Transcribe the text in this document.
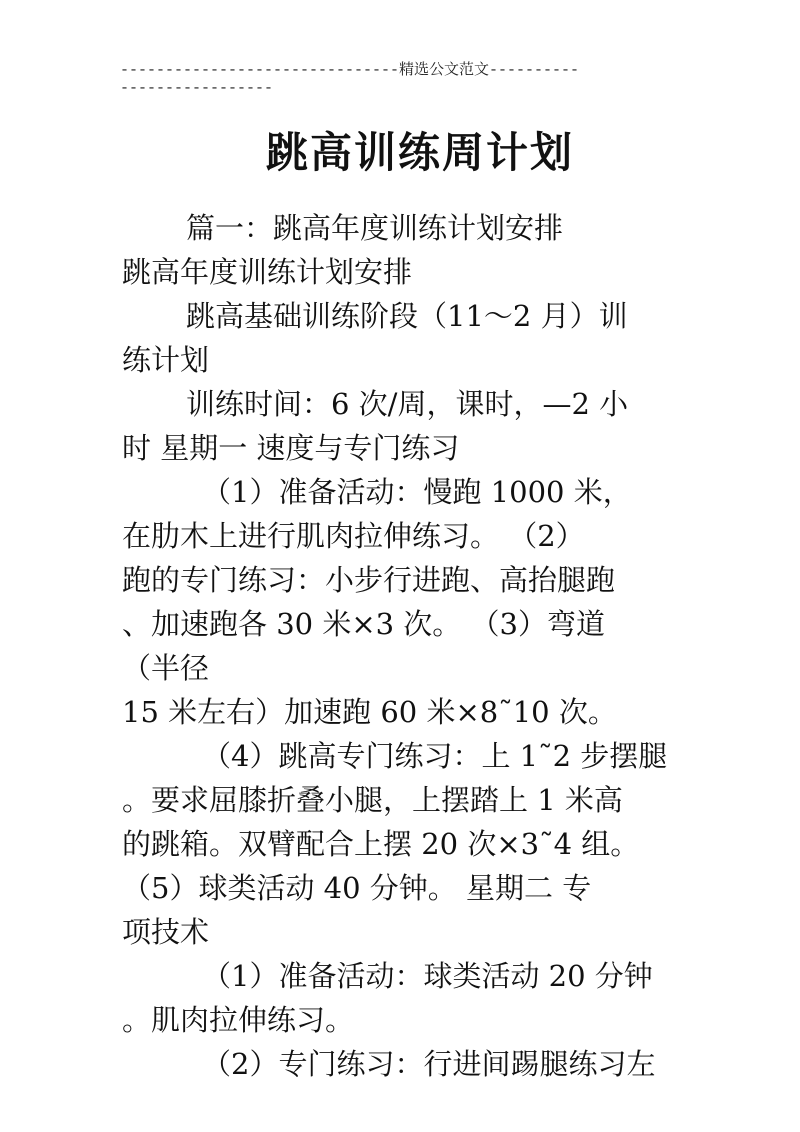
-------------------------------精选公文范文----------
-----------------
跳高训练周计划
篇一：跳高年度训练计划安排
跳高年度训练计划安排
跳高基础训练阶段（11～2 月）训
练计划
训练时间：6 次/周，课时，—2 小
时 星期一 速度与专门练习
（1）准备活动：慢跑 1000 米，
在肋木上进行肌肉拉伸练习。 （2）
跑的专门练习：小步行进跑、高抬腿跑
、加速跑各 30 米×3 次。 （3）弯道
（半径
15 米左右）加速跑 60 米×8˜10 次。
（4）跳高专门练习：上 1˜2 步摆腿
。要求屈膝折叠小腿，上摆踏上 1 米高
的跳箱。双臂配合上摆 20 次×3˜4 组。
（5）球类活动 40 分钟。 星期二 专
项技术
（1）准备活动：球类活动 20 分钟
。肌肉拉伸练习。
（2）专门练习：行进间踢腿练习左
